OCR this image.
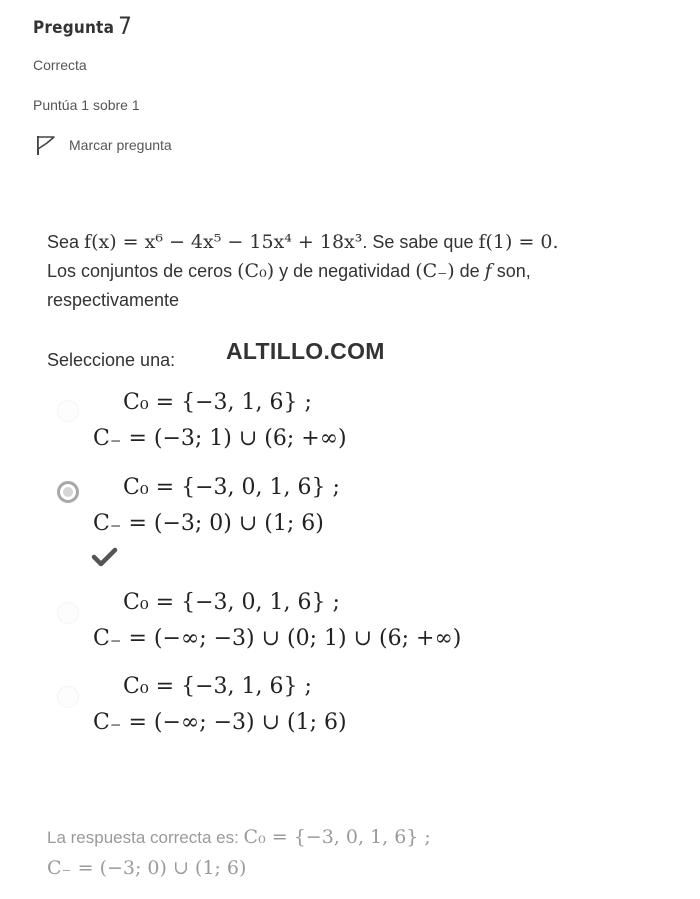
Pregunta 7
Correcta
Puntúa 1 sobre 1
Marcar pregunta
Sea f(x) = x⁶ − 4x⁵ − 15x⁴ + 18x³. Se sabe que f(1) = 0.
Los conjuntos de ceros (C₀) y de negatividad (C₋) de f son,
respectivamente
Seleccione una: ALTILLO.COM
C₀ = {−3, 1, 6} ;
C₋ = (−3; 1) ∪ (6; +∞)
C₀ = {−3, 0, 1, 6} ;
C₋ = (−3; 0) ∪ (1; 6)
C₀ = {−3, 0, 1, 6} ;
C₋ = (−∞; −3) ∪ (0; 1) ∪ (6; +∞)
C₀ = {−3, 1, 6} ;
C₋ = (−∞; −3) ∪ (1; 6)
La respuesta correcta es: C₀ = {−3, 0, 1, 6} ;
C₋ = (−3; 0) ∪ (1; 6)
